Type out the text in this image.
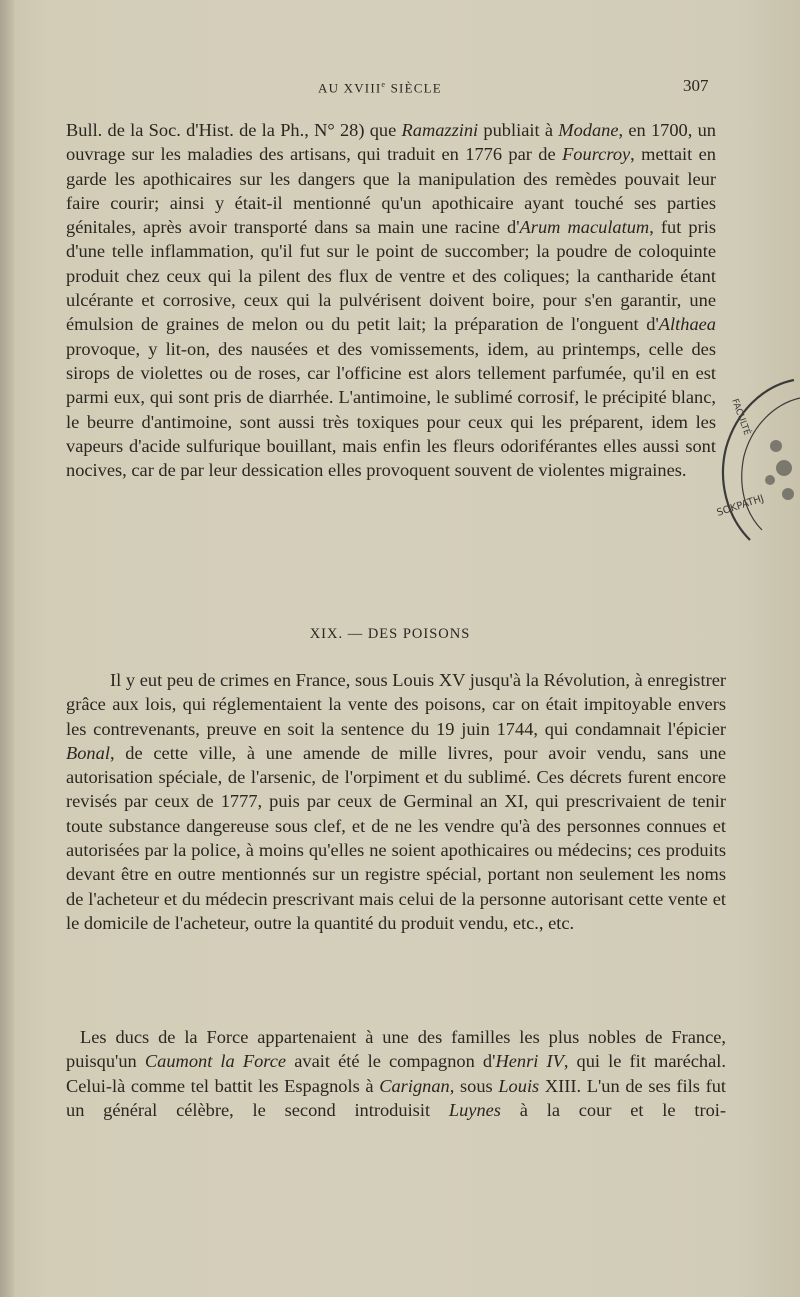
AU XVIIIe SIÈCLE	307

Bull. de la Soc. d'Hist. de la Ph., N° 28) que Ramazzini publiait à Modane, en 1700, un ouvrage sur les maladies des artisans, qui traduit en 1776 par de Fourcroy, mettait en garde les apothicaires sur les dangers que la manipulation des remèdes pouvait leur faire courir; ainsi y était-il mentionné qu'un apothicaire ayant touché ses parties génitales, après avoir transporté dans sa main une racine d'Arum maculatum, fut pris d'une telle inflammation, qu'il fut sur le point de succomber; la poudre de coloquinte produit chez ceux qui la pilent des flux de ventre et des coliques; la cantharide étant ulcérante et corrosive, ceux qui la pulvérisent doivent boire, pour s'en garantir, une émulsion de graines de melon ou du petit lait; la préparation de l'onguent d'Althaea provoque, y lit-on, des nausées et des vomissements, idem, au printemps, celle des sirops de violettes ou de roses, car l'officine est alors tellement parfumée, qu'il en est parmi eux, qui sont pris de diarrhée. L'antimoine, le sublimé corrosif, le précipité blanc, le beurre d'antimoine, sont aussi très toxiques pour ceux qui les préparent, idem les vapeurs d'acide sulfurique bouillant, mais enfin les fleurs odoriférantes elles aussi sont nocives, car de par leur dessication elles provoquent souvent de violentes migraines.

XIX. — DES POISONS

Il y eut peu de crimes en France, sous Louis XV jusqu'à la Révolution, à enregistrer grâce aux lois, qui réglementaient la vente des poisons, car on était impitoyable envers les contrevenants, preuve en soit la sentence du 19 juin 1744, qui condamnait l'épicier Bonal, de cette ville, à une amende de mille livres, pour avoir vendu, sans une autorisation spéciale, de l'arsenic, de l'orpiment et du sublimé. Ces décrets furent encore revisés par ceux de 1777, puis par ceux de Germinal an XI, qui prescrivaient de tenir toute substance dangereuse sous clef, et de ne les vendre qu'à des personnes connues et autorisées par la police, à moins qu'elles ne soient apothicaires ou médecins; ces produits devant être en outre mentionnés sur un registre spécial, portant non seulement les noms de l'acheteur et du médecin prescrivant mais celui de la personne autorisant cette vente et le domicile de l'acheteur, outre la quantité du produit vendu, etc., etc.

Les ducs de la Force appartenaient à une des familles les plus nobles de France, puisqu'un Caumont la Force avait été le compagnon d'Henri IV, qui le fit maréchal. Celui-là comme tel battit les Espagnols à Carignan, sous Louis XIII. L'un de ses fils fut un général célèbre, le second introduisit Luynes à la cour et le troi-

SOKPATHJ
FACULTÉ
